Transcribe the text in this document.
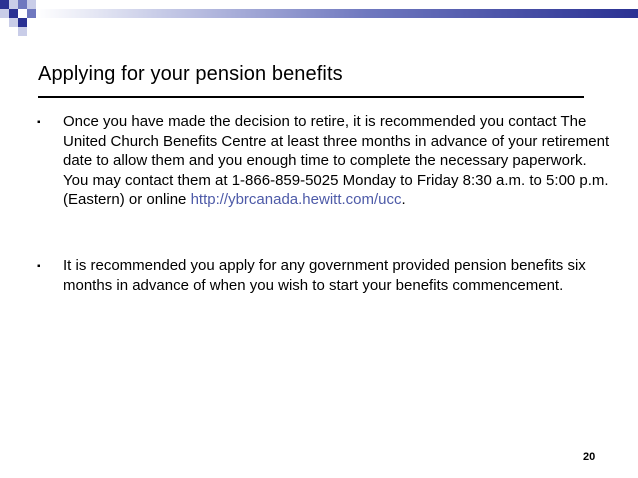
Applying for your pension benefits
▪ Once you have made the decision to retire, it is recommended you contact The United Church Benefits Centre at least three months in advance of your retirement date to allow them and you enough time to complete the necessary paperwork. You may contact them at 1-866-859-5025 Monday to Friday 8:30 a.m. to 5:00 p.m. (Eastern) or online http://ybrcanada.hewitt.com/ucc.
▪ It is recommended you apply for any government provided pension benefits six months in advance of when you wish to start your benefits commencement.
20
